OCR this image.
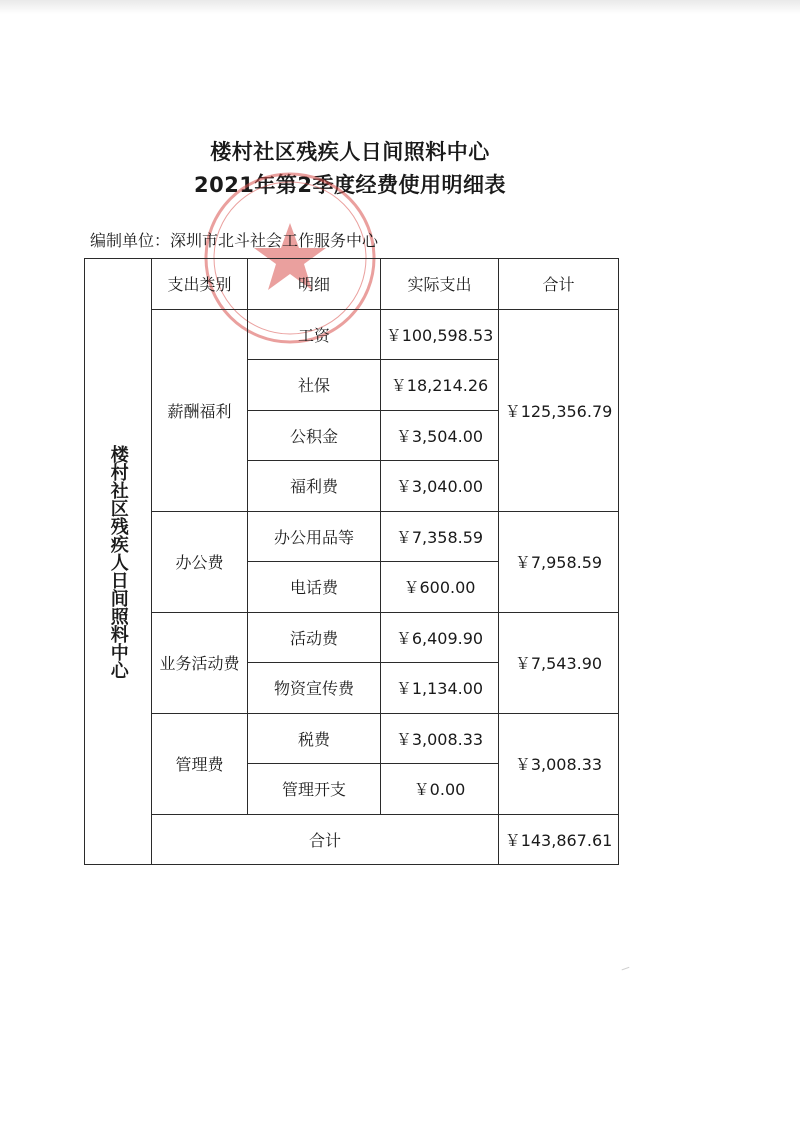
楼村社区残疾人日间照料中心
2021年第2季度经费使用明细表
编制单位：深圳市北斗社会工作服务中心
楼村社区残疾人日间照料中心	支出类别	明细	实际支出	合计
	薪酬福利	工资	￥100,598.53	￥125,356.79
		社保	￥18,214.26	
		公积金	￥3,504.00	
		福利费	￥3,040.00	
	办公费	办公用品等	￥7,358.59	￥7,958.59
		电话费	￥600.00	
	业务活动费	活动费	￥6,409.90	￥7,543.90
		物资宣传费	￥1,134.00	
	管理费	税费	￥3,008.33	￥3,008.33
		管理开支	￥0.00	
	合计			￥143,867.61
